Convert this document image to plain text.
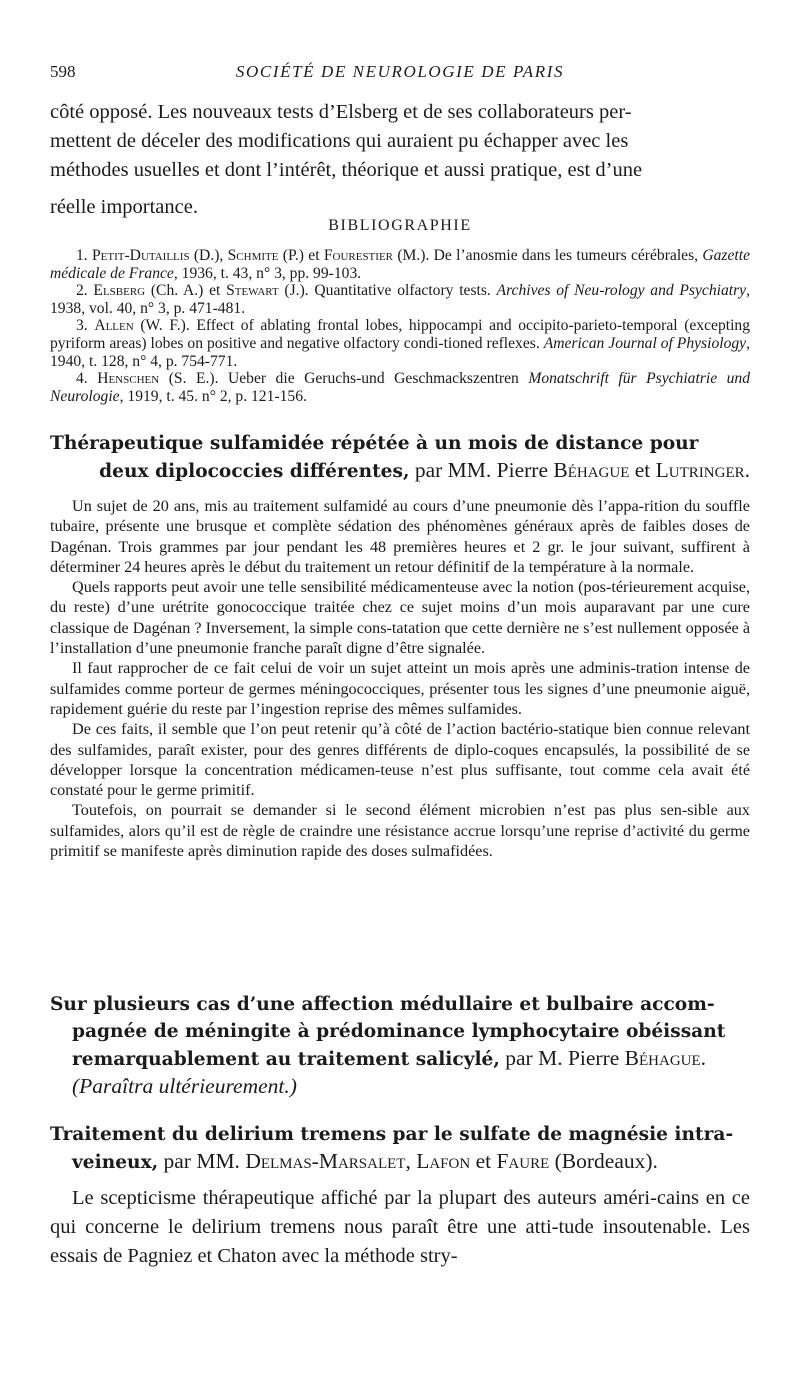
598	SOCIÉTÉ DE NEUROLOGIE DE PARIS
côté opposé. Les nouveaux tests d’Elsberg et de ses collaborateurs per-
mettent de déceler des modifications qui auraient pu échapper avec les
méthodes usuelles et dont l’intérêt, théorique et aussi pratique, est d’une
réelle importance.
BIBLIOGRAPHIE

1. Petit-Dutaillis (D.), Schmite (P.) et Fourestier (M.). De l’anosmie dans les tumeurs cérébrales, Gazette médicale de France, 1936, t. 43, n° 3, pp. 99-103.

2. Elsberg (Ch. A.) et Stewart (J.). Quantitative olfactory tests. Archives of Neu-rology and Psychiatry, 1938, vol. 40, n° 3, p. 471-481.

3. Allen (W. F.). Effect of ablating frontal lobes, hippocampi and occipito-parieto-temporal (excepting pyriform areas) lobes on positive and negative olfactory condi-tioned reflexes. American Journal of Physiology, 1940, t. 128, n° 4, p. 754-771.

4. Henschen (S. E.). Ueber die Geruchs-und Geschmackszentren Monatschrift für Psychiatrie und Neurologie, 1919, t. 45. n° 2, p. 121-156.

Thérapeutique sulfamidée répétée à un mois de distance pour
deux diplococcies différentes, par MM. Pierre Béhague et Lutringer.

Un sujet de 20 ans, mis au traitement sulfamidé au cours d’une pneumonie dès l’appa-rition du souffle tubaire, présente une brusque et complète sédation des phénomènes généraux après de faibles doses de Dagénan. Trois grammes par jour pendant les 48 premières heures et 2 gr. le jour suivant, suffirent à déterminer 24 heures après le début du traitement un retour définitif de la température à la normale.

Quels rapports peut avoir une telle sensibilité médicamenteuse avec la notion (pos-térieurement acquise, du reste) d’une urétrite gonococcique traitée chez ce sujet moins d’un mois auparavant par une cure classique de Dagénan ? Inversement, la simple cons-tatation que cette dernière ne s’est nullement opposée à l’installation d’une pneumonie franche paraît digne d’être signalée.

Il faut rapprocher de ce fait celui de voir un sujet atteint un mois après une adminis-tration intense de sulfamides comme porteur de germes méningococciques, présenter tous les signes d’une pneumonie aiguë, rapidement guérie du reste par l’ingestion reprise des mêmes sulfamides.

De ces faits, il semble que l’on peut retenir qu’à côté de l’action bactério-statique bien connue relevant des sulfamides, paraît exister, pour des genres différents de diplo-coques encapsulés, la possibilité de se développer lorsque la concentration médicamen-teuse n’est plus suffisante, tout comme cela avait été constaté pour le germe primitif.

Toutefois, on pourrait se demander si le second élément microbien n’est pas plus sen-sible aux sulfamides, alors qu’il est de règle de craindre une résistance accrue lorsqu’une reprise d’activité du germe primitif se manifeste après diminution rapide des doses sulmafidées.

Sur plusieurs cas d’une affection médullaire et bulbaire accom-
pagnée de méningite à prédominance lymphocytaire obéissant
remarquablement au traitement salicylé, par M. Pierre Béhague.
(Paraîtra ultérieurement.)
Traitement du delirium tremens par le sulfate de magnésie intra-
veineux, par MM. Delmas-Marsalet, Lafon et Faure (Bordeaux).

Le scepticisme thérapeutique affiché par la plupart des auteurs améri-cains en ce qui concerne le delirium tremens nous paraît être une atti-tude insoutenable. Les essais de Pagniez et Chaton avec la méthode stry-
